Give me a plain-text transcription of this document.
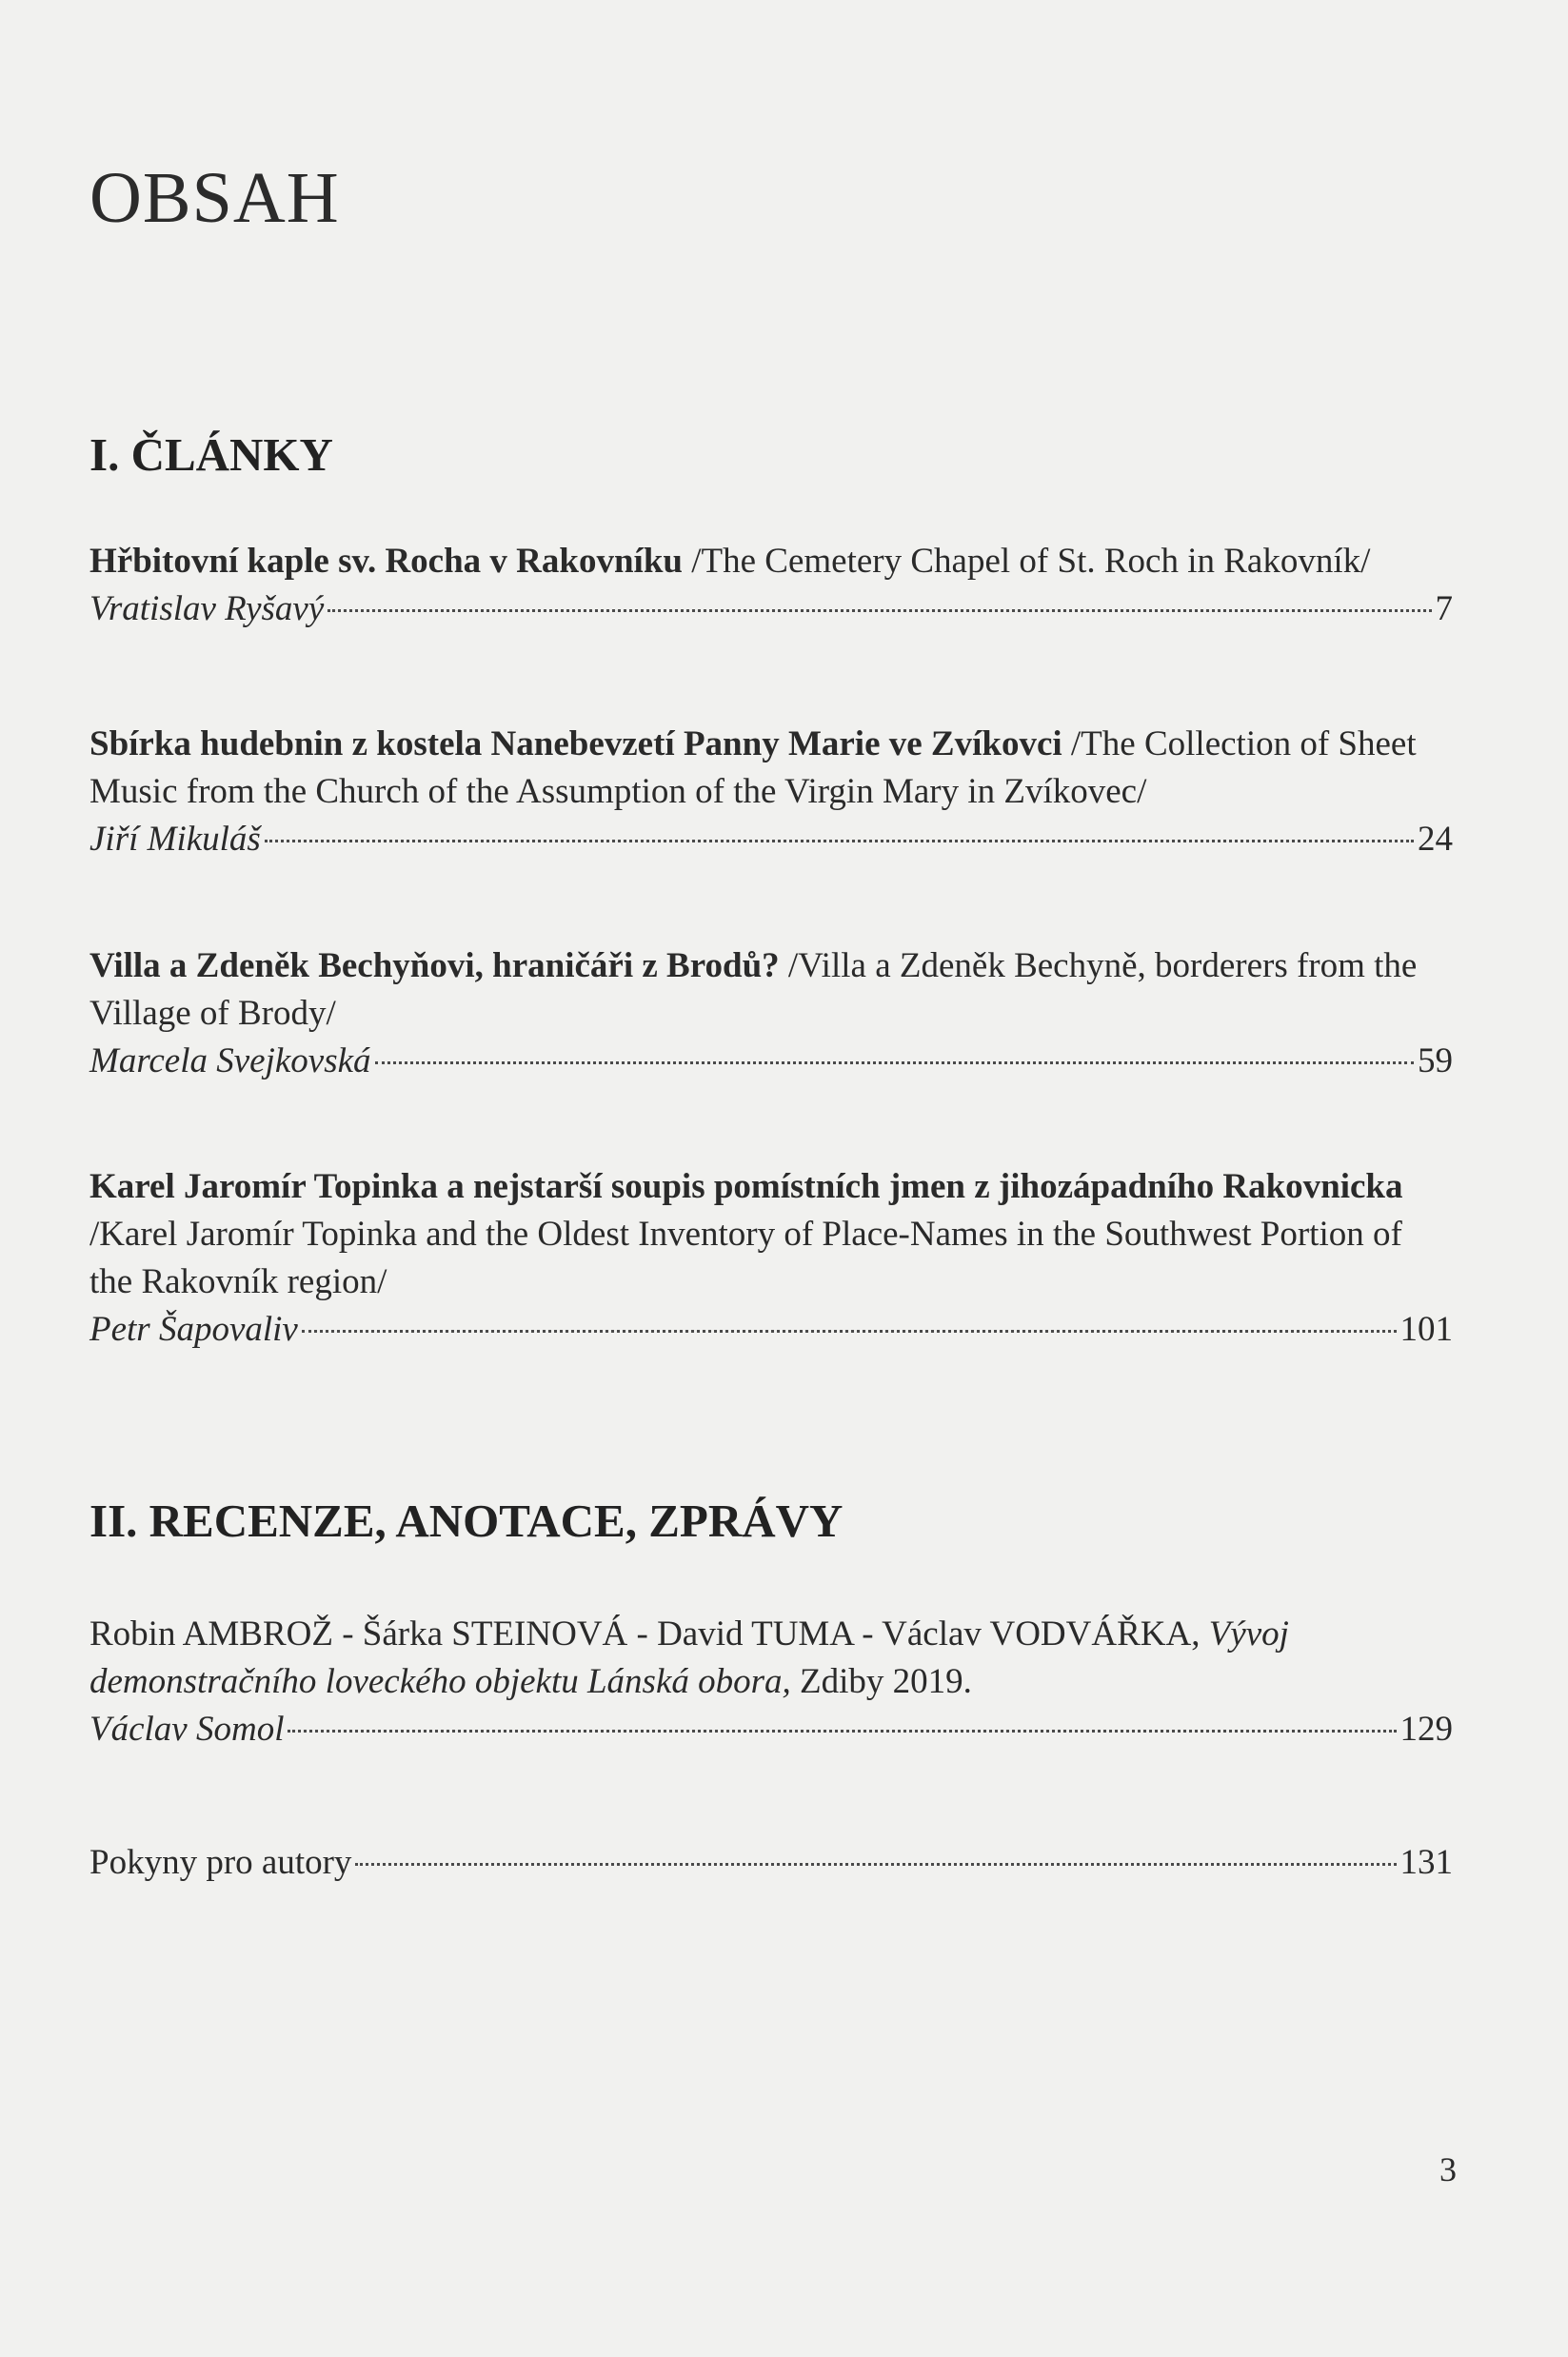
OBSAH
I. ČLÁNKY
Hřbitovní kaple sv. Rocha v Rakovníku /The Cemetery Chapel of St. Roch in Rakovník/
Vratislav Ryšavý	7
Sbírka hudebnin z kostela Nanebevzetí Panny Marie ve Zvíkovci /The Collection of Sheet Music from the Church of the Assumption of the Virgin Mary in Zvíkovec/
Jiří Mikuláš	24
Villa a Zdeněk Bechyňovi, hraničáři z Brodů? /Villa a Zdeněk Bechyně, borderers from the Village of Brody/
Marcela Svejkovská	59
Karel Jaromír Topinka a nejstarší soupis pomístních jmen z jihozápadního Rakovnicka /Karel Jaromír Topinka and the Oldest Inventory of Place-Names in the Southwest Portion of the Rakovník region/
Petr Šapovaliv	101
II. RECENZE, ANOTACE, ZPRÁVY
Robin AMBROŽ - Šárka STEINOVÁ - David TUMA - Václav VODVÁŘKA, Vývoj demonstračního loveckého objektu Lánská obora, Zdiby 2019.
Václav Somol	129
Pokyny pro autory	131
3
